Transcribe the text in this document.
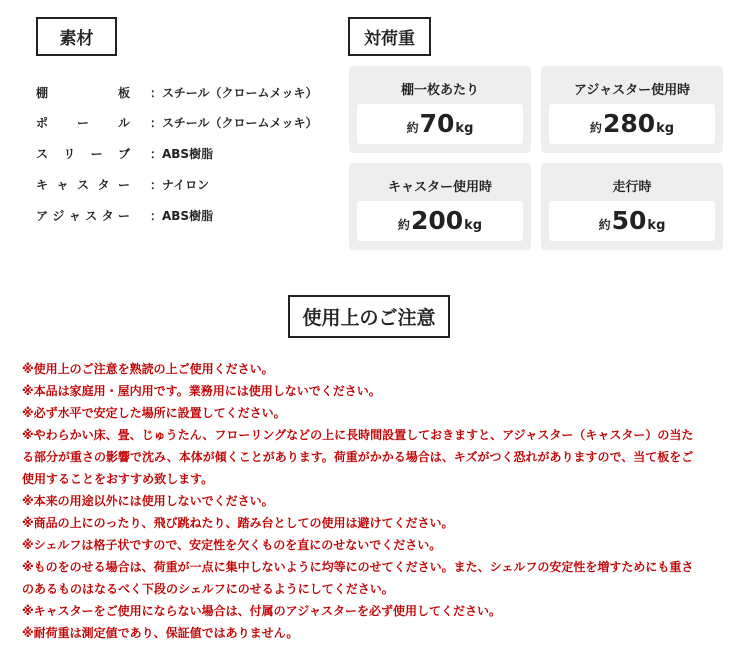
素材
棚	板 ：スチール（クロームメッキ）
ポ ー ル ：スチール（クロームメッキ）
ス リ ー ブ ：ABS樹脂
キ ャ ス タ ー ：ナイロン
ア ジ ャ ス タ ー ：ABS樹脂
対荷重
棚一枚あたり
約 70 kg
アジャスター使用時
約 280 kg
キャスター使用時
約 200 kg
走行時
約 50 kg
使用上のご注意
※使用上のご注意を熟読の上ご使用ください。
※本品は家庭用・屋内用です。業務用には使用しないでください。
※必ず水平で安定した場所に設置してください。
※やわらかい床、畳、じゅうたん、フローリングなどの上に長時間設置しておきますと、アジャスター（キャスター）の当た
る部分が重さの影響で沈み、本体が傾くことがあります。荷重がかかる場合は、キズがつく恐れがありますので、当て板をご
使用することをおすすめ致します。
※本来の用途以外には使用しないでください。
※商品の上にのったり、飛び跳ねたり、踏み台としての使用は避けてください。
※シェルフは格子状ですので、安定性を欠くものを直にのせないでください。
※ものをのせる場合は、荷重が一点に集中しないように均等にのせてください。また、シェルフの安定性を増すためにも重さ
のあるものはなるべく下段のシェルフにのせるようにしてください。
※キャスターをご使用にならない場合は、付属のアジャスターを必ず使用してください。
※耐荷重は測定値であり、保証値ではありません。
